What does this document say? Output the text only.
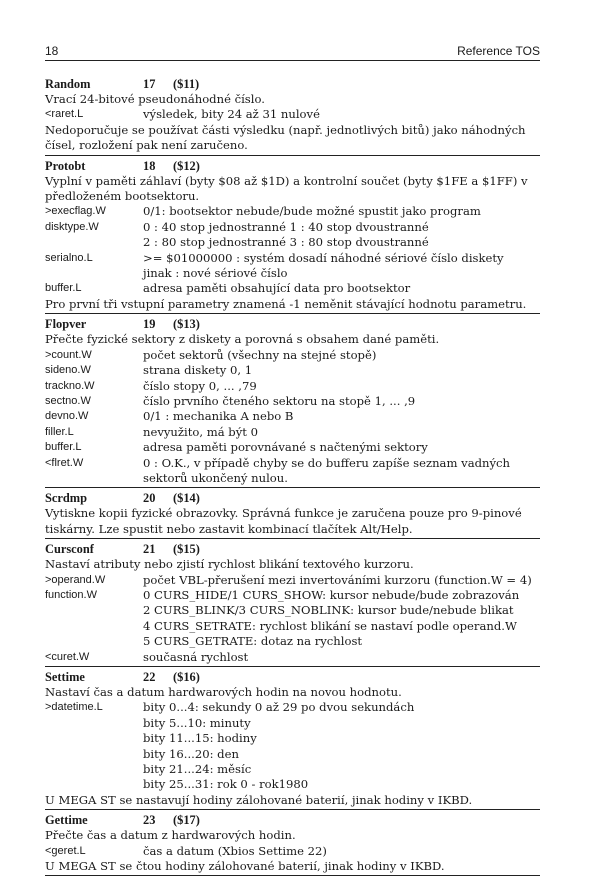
18	Reference TOS
Random	17 ($11)
Vrací 24-bitové pseudonáhodné číslo.
<raret.L	výsledek, bity 24 až 31 nulové
Nedoporučuje se používat části výsledku (např. jednotlivých bitů) jako náhodných
čísel, rozložení pak není zaručeno.
Protobt	18 ($12)
Vyplní v paměti záhlaví (byty $08 až $1D) a kontrolní součet (byty $1FE a $1FF) v
předloženém bootsektoru.
>execflag.W	0/1: bootsektor nebude/bude možné spustit jako program
disktype.W	0 : 40 stop jednostranné 1 : 40 stop dvoustranné
2 : 80 stop jednostranné 3 : 80 stop dvoustranné
serialno.L	>= $01000000 : systém dosadí náhodné sériové číslo diskety
jinak : nové sériové číslo
buffer.L	adresa paměti obsahující data pro bootsektor
Pro první tři vstupní parametry znamená -1 neměnit stávající hodnotu parametru.
Flopver	19 ($13)
Přečte fyzické sektory z diskety a porovná s obsahem dané paměti.
>count.W	počet sektorů (všechny na stejné stopě)
sideno.W	strana diskety 0, 1
trackno.W	číslo stopy 0, ... ,79
sectno.W	číslo prvního čteného sektoru na stopě 1, ... ,9
devno.W	0/1 : mechanika A nebo B
filler.L	nevyužito, má být 0
buffer.L	adresa paměti porovnávané s načtenými sektory
<flret.W	0 : O.K., v případě chyby se do bufferu zapíše seznam vadných
sektorů ukončený nulou.
Scrdmp	20 ($14)
Vytiskne kopii fyzické obrazovky. Správná funkce je zaručena pouze pro 9-pinové
tiskárny. Lze spustit nebo zastavit kombinací tlačítek Alt/Help.
Cursconf	21 ($15)
Nastaví atributy nebo zjistí rychlost blikání textového kurzoru.
>operand.W	počet VBL-přerušení mezi invertováními kurzoru (function.W = 4)
function.W	0 CURS_HIDE/1 CURS_SHOW: kursor nebude/bude zobrazován
2 CURS_BLINK/3 CURS_NOBLINK: kursor bude/nebude blikat
4 CURS_SETRATE: rychlost blikání se nastaví podle operand.W
5 CURS_GETRATE: dotaz na rychlost
<curet.W	současná rychlost
Settime	22 ($16)
Nastaví čas a datum hardwarových hodin na novou hodnotu.
>datetime.L	bity 0...4: sekundy 0 až 29 po dvou sekundách
bity 5...10: minuty
bity 11...15: hodiny
bity 16...20: den
bity 21...24: měsíc
bity 25...31: rok 0 - rok1980
U MEGA ST se nastavují hodiny zálohované baterií, jinak hodiny v IKBD.
Gettime	23 ($17)
Přečte čas a datum z hardwarových hodin.
<geret.L	čas a datum (Xbios Settime 22)
U MEGA ST se čtou hodiny zálohované baterií, jinak hodiny v IKBD.
